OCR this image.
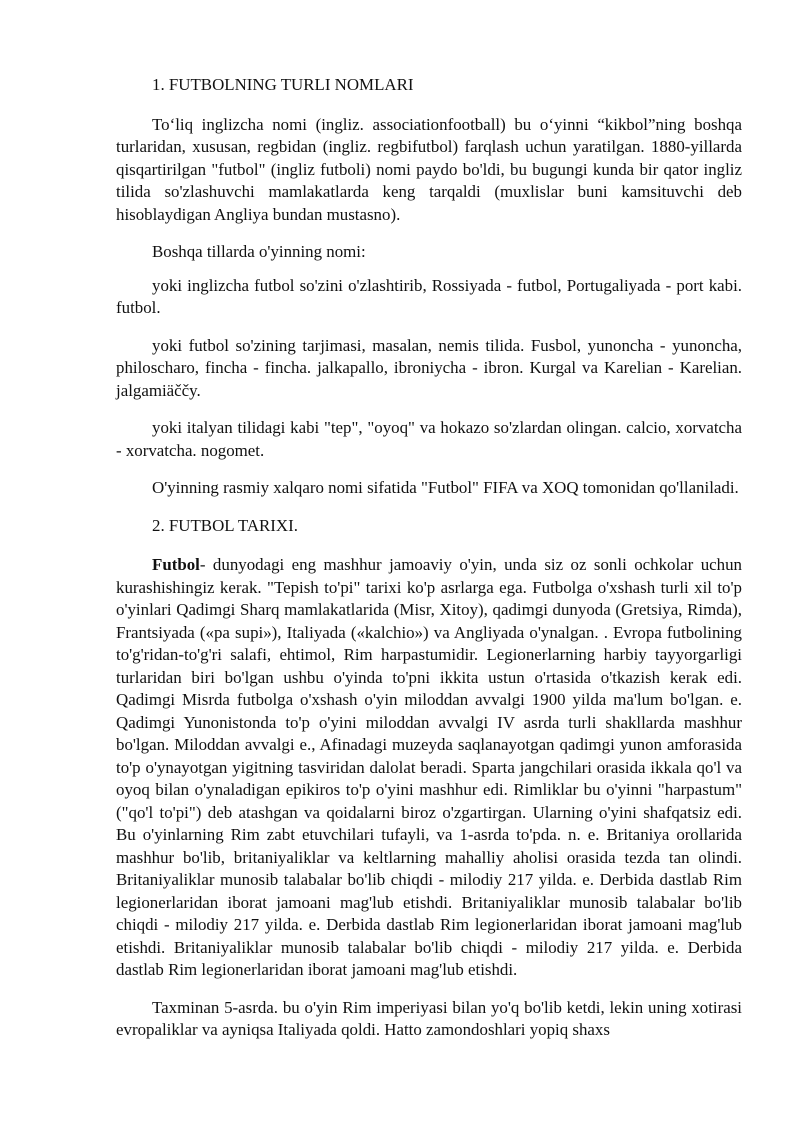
1. FUTBOLNING TURLI NOMLARI

To‘liq inglizcha nomi (ingliz. associationfootball) bu o‘yinni “kikbol”ning boshqa turlaridan, xususan, regbidan (ingliz. regbifutbol) farqlash uchun yaratilgan. 1880-yillarda qisqartirilgan "futbol" (ingliz futboli) nomi paydo bo'ldi, bu bugungi kunda bir qator ingliz tilida so'zlashuvchi mamlakatlarda keng tarqaldi (muxlislar buni kamsituvchi deb hisoblaydigan Angliya bundan mustasno).

Boshqa tillarda o'yinning nomi:

yoki inglizcha futbol so'zini o'zlashtirib, Rossiyada - futbol, Portugaliyada - port kabi. futbol.

yoki futbol so'zining tarjimasi, masalan, nemis tilida. Fusbol, yunoncha - yunoncha, philoscharo, fincha - fincha. jalkapallo, ibroniycha - ibron. Kurgal va Karelian - Karelian. jalgamiäččy.

yoki italyan tilidagi kabi "tep", "oyoq" va hokazo so'zlardan olingan. calcio, xorvatcha - xorvatcha. nogomet.

O'yinning rasmiy xalqaro nomi sifatida "Futbol" FIFA va XOQ tomonidan qo'llaniladi.

2. FUTBOL TARIXI.

Futbol- dunyodagi eng mashhur jamoaviy o'yin, unda siz oz sonli ochkolar uchun kurashishingiz kerak. "Tepish to'pi" tarixi ko'p asrlarga ega. Futbolga o'xshash turli xil to'p o'yinlari Qadimgi Sharq mamlakatlarida (Misr, Xitoy), qadimgi dunyoda (Gretsiya, Rimda), Frantsiyada («pa supi»), Italiyada («kalchio») va Angliyada o'ynalgan. . Evropa futbolining to'g'ridan-to'g'ri salafi, ehtimol, Rim harpastumidir. Legionerlarning harbiy tayyorgarligi turlaridan biri bo'lgan ushbu o'yinda to'pni ikkita ustun o'rtasida o'tkazish kerak edi. Qadimgi Misrda futbolga o'xshash o'yin miloddan avvalgi 1900 yilda ma'lum bo'lgan. e. Qadimgi Yunonistonda to'p o'yini miloddan avvalgi IV asrda turli shakllarda mashhur bo'lgan. Miloddan avvalgi e., Afinadagi muzeyda saqlanayotgan qadimgi yunon amforasida to'p o'ynayotgan yigitning tasviridan dalolat beradi. Sparta jangchilari orasida ikkala qo'l va oyoq bilan o'ynaladigan epikiros to'p o'yini mashhur edi. Rimliklar bu o'yinni "harpastum" ("qo'l to'pi") deb atashgan va qoidalarni biroz o'zgartirgan. Ularning o'yini shafqatsiz edi. Bu o'yinlarning Rim zabt etuvchilari tufayli, va 1-asrda to'pda. n. e. Britaniya orollarida mashhur bo'lib, britaniyaliklar va keltlarning mahalliy aholisi orasida tezda tan olindi. Britaniyaliklar munosib talabalar bo'lib chiqdi - milodiy 217 yilda. e. Derbida dastlab Rim legionerlaridan iborat jamoani mag'lub etishdi. Britaniyaliklar munosib talabalar bo'lib chiqdi - milodiy 217 yilda. e. Derbida dastlab Rim legionerlaridan iborat jamoani mag'lub etishdi. Britaniyaliklar munosib talabalar bo'lib chiqdi - milodiy 217 yilda. e. Derbida dastlab Rim legionerlaridan iborat jamoani mag'lub etishdi.

Taxminan 5-asrda. bu o'yin Rim imperiyasi bilan yo'q bo'lib ketdi, lekin uning xotirasi evropaliklar va ayniqsa Italiyada qoldi. Hatto zamondoshlari yopiq shaxs
